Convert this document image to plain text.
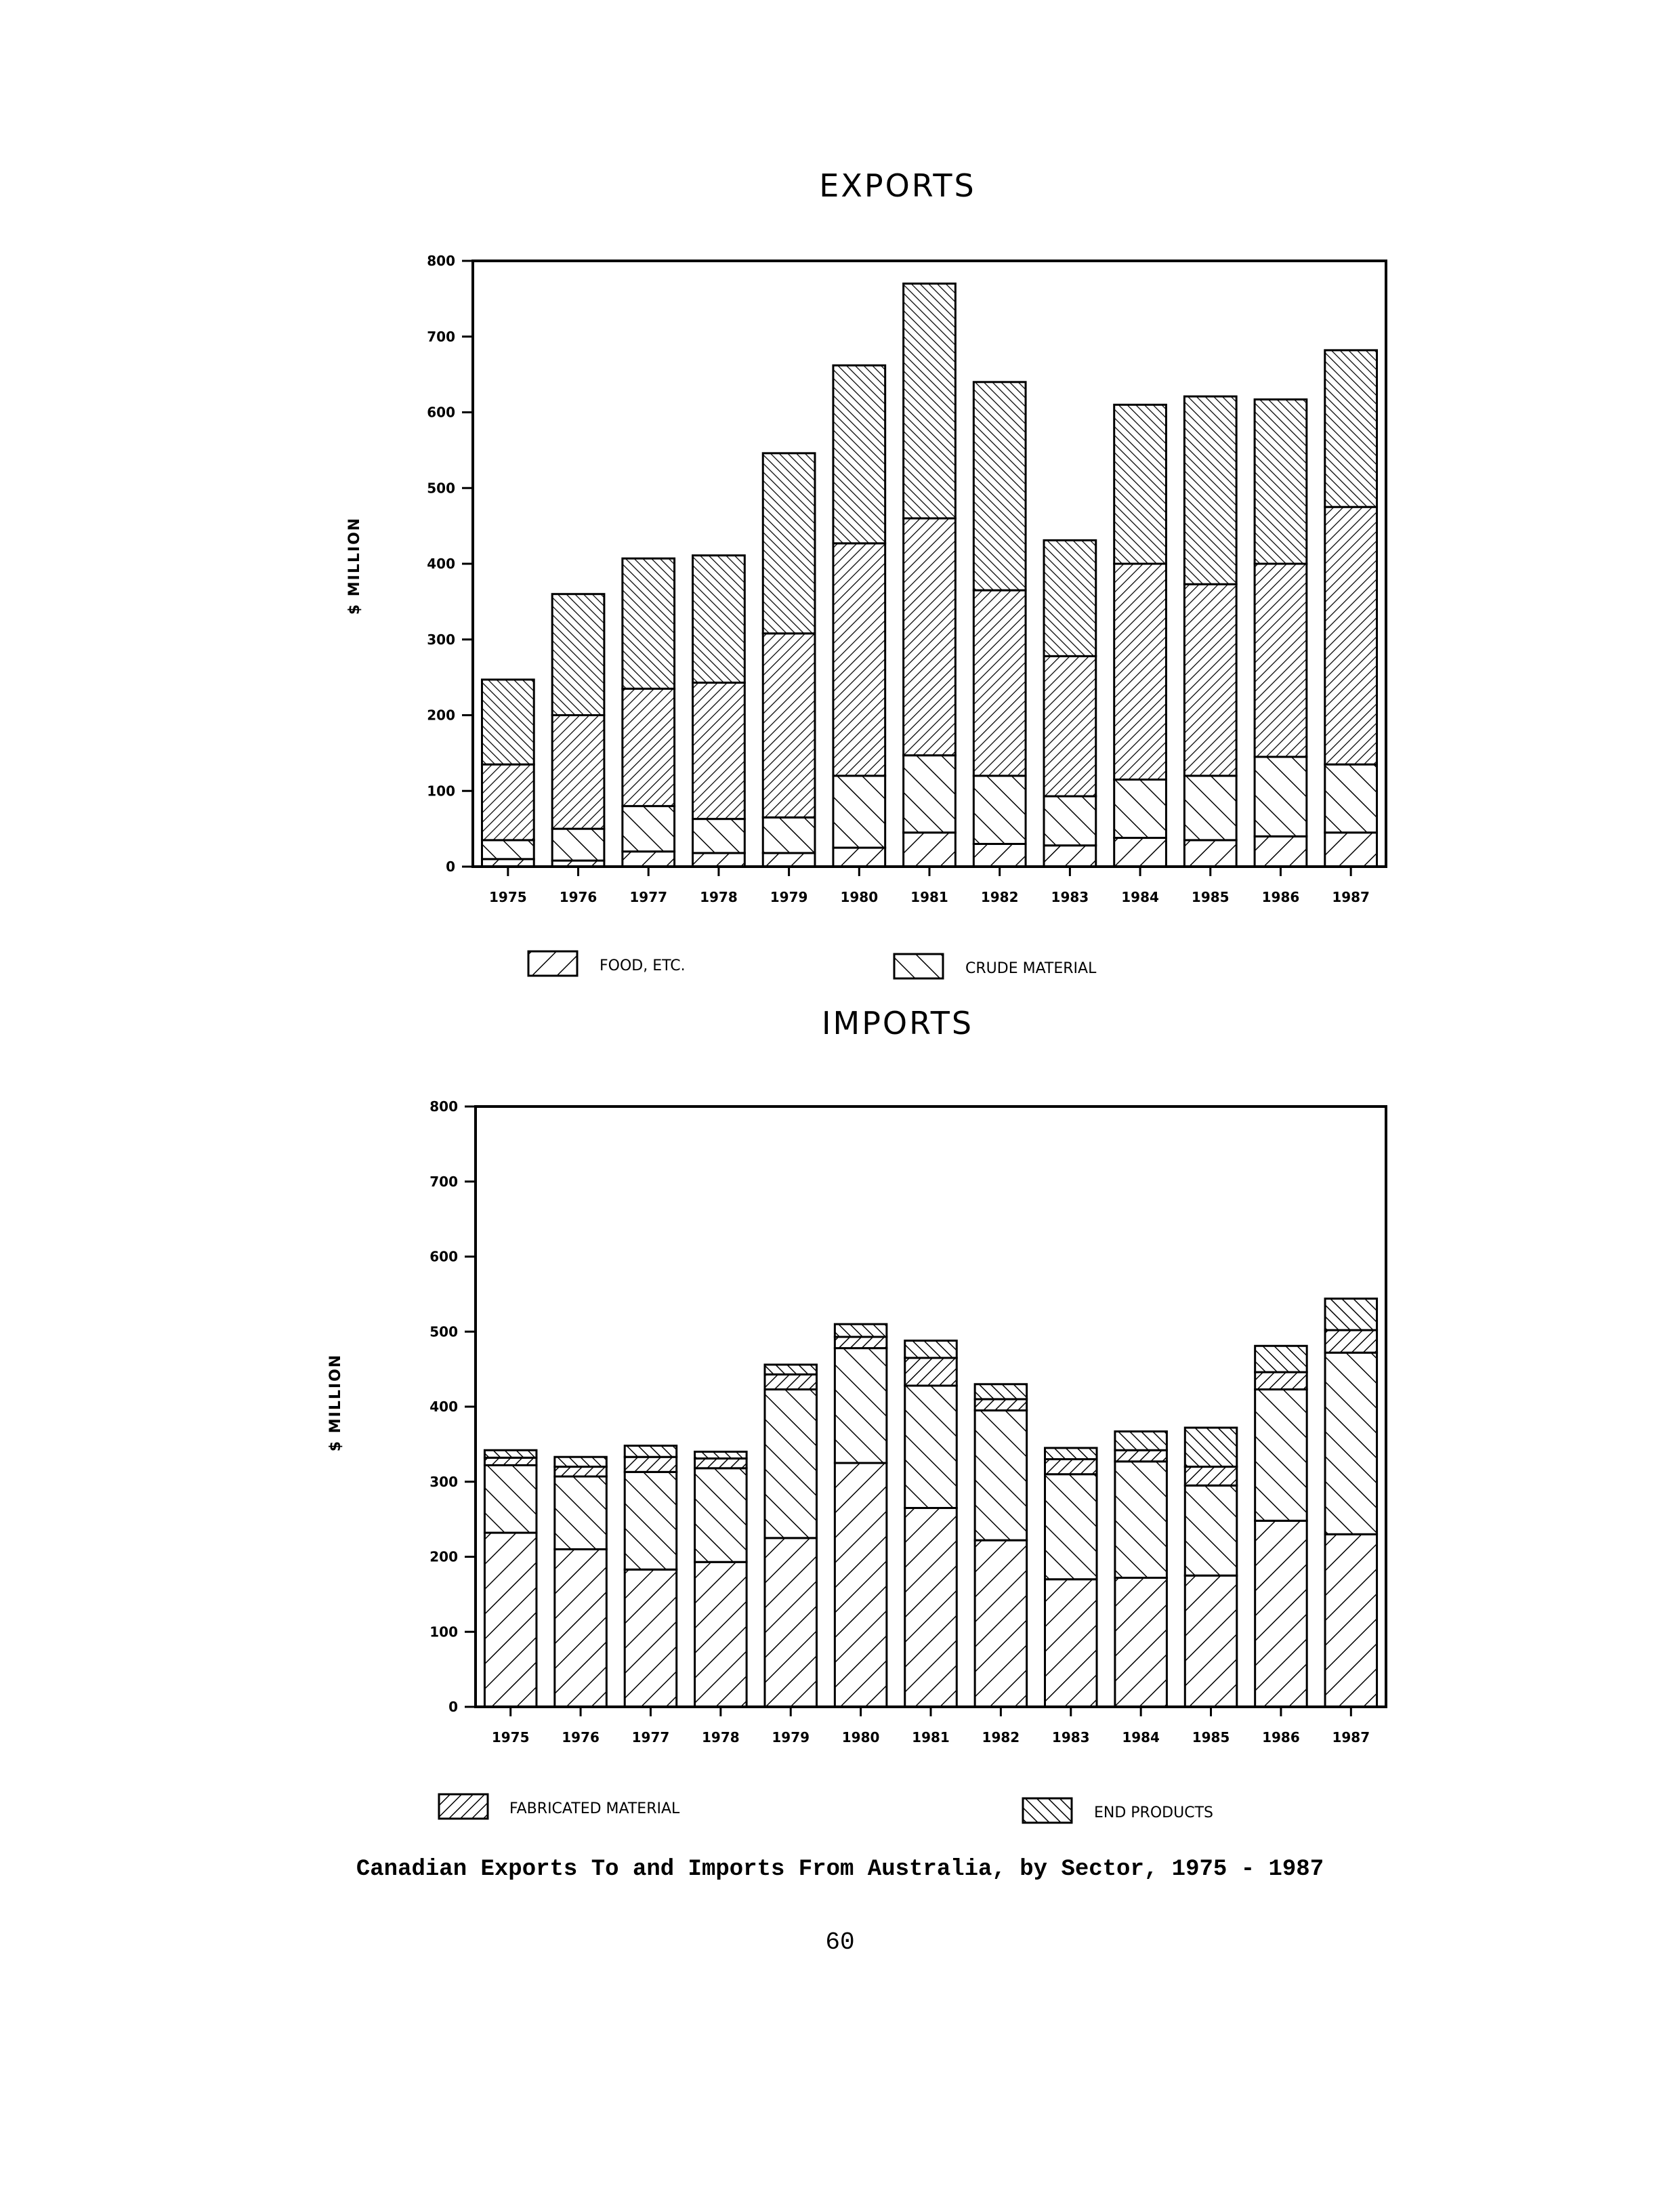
EXPORTS
$ MILLION
0
100
200
300
400
500
600
700
800
1975 1976 1977 1978 1979 1980 1981 1982 1983 1984 1985 1986 1987
FOOD, ETC.	CRUDE MATERIAL
IMPORTS
$ MILLION
0
100
200
300
400
500
600
700
800
1975 1976 1977 1978 1979 1980 1981 1982 1983 1984 1985 1986 1987
FABRICATED MATERIAL	END PRODUCTS
Canadian Exports To and Imports From Australia, by Sector, 1975 - 1987
60
